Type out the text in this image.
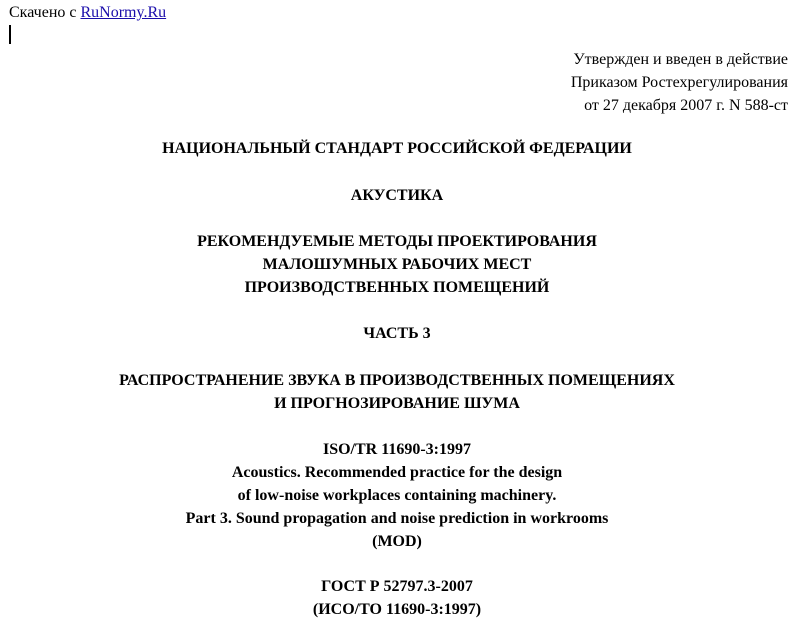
Скачено с RuNormy.Ru
Утвержден и введен в действие
Приказом Ростехрегулирования
от 27 декабря 2007 г. N 588-ст
НАЦИОНАЛЬНЫЙ СТАНДАРТ РОССИЙСКОЙ ФЕДЕРАЦИИ
АКУСТИКА
РЕКОМЕНДУЕМЫЕ МЕТОДЫ ПРОЕКТИРОВАНИЯ
МАЛОШУМНЫХ РАБОЧИХ МЕСТ
ПРОИЗВОДСТВЕННЫХ ПОМЕЩЕНИЙ
ЧАСТЬ 3
РАСПРОСТРАНЕНИЕ ЗВУКА В ПРОИЗВОДСТВЕННЫХ ПОМЕЩЕНИЯХ
И ПРОГНОЗИРОВАНИЕ ШУМА
ISO/TR 11690-3:1997
Acoustics. Recommended practice for the design
of low-noise workplaces containing machinery.
Part 3. Sound propagation and noise prediction in workrooms
(MOD)
ГОСТ Р 52797.3-2007
(ИСО/ТО 11690-3:1997)
